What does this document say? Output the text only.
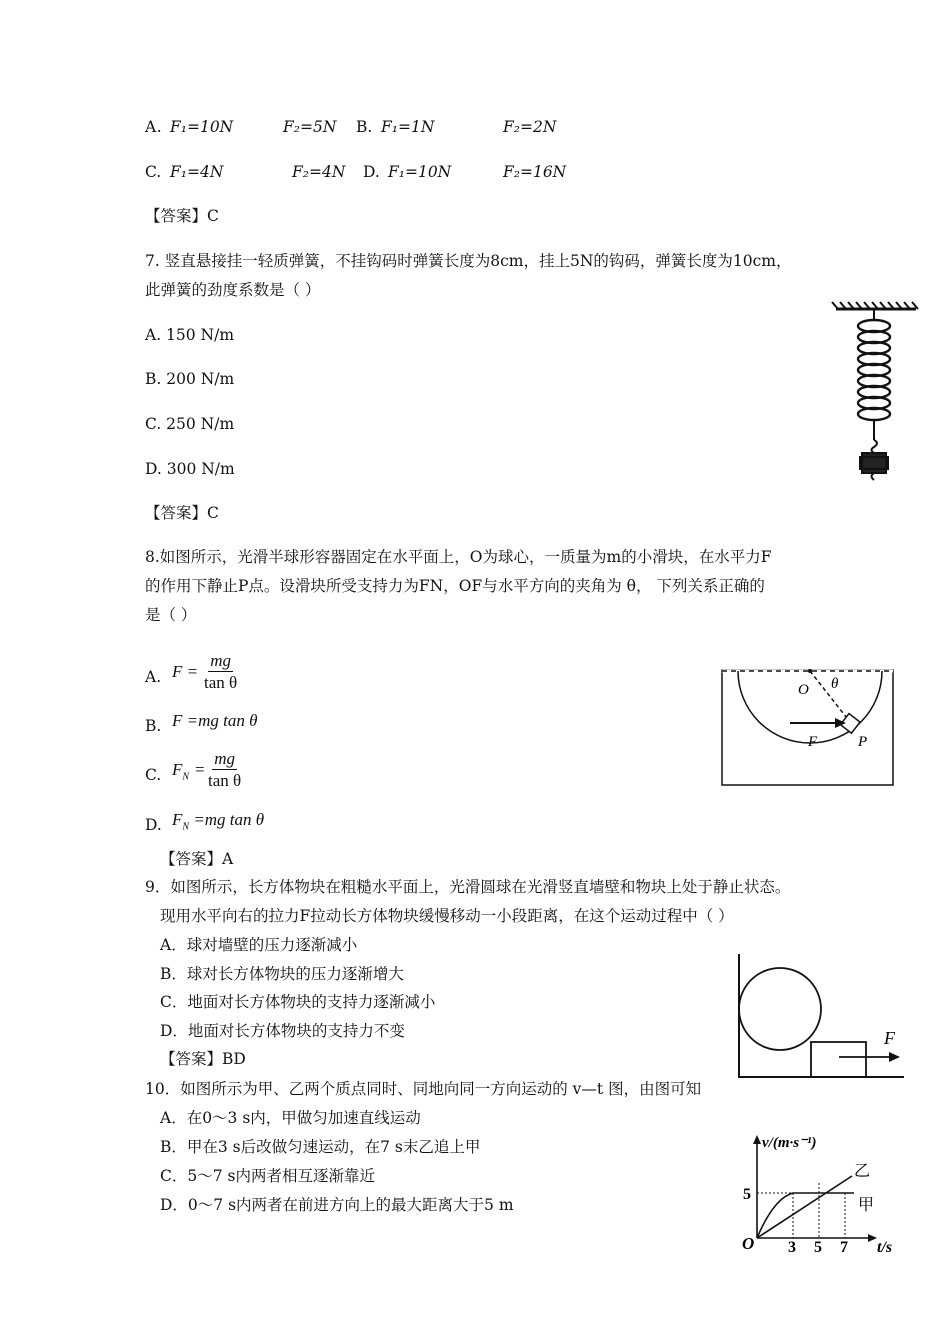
A. F₁=10N	F₂=5N B. F₁=1N	F₂=2N
C. F₁=4N	F₂=4N D. F₁=10N	F₂=16N
【答案】C
7. 竖直悬接挂一轻质弹簧，不挂钩码时弹簧长度为8cm，挂上5N的钩码，弹簧长度为10cm，
此弹簧的劲度系数是（ ）
A. 150 N/m
B. 200 N/m
C. 250 N/m
D. 300 N/m
【答案】C
8.如图所示，光滑半球形容器固定在水平面上，O为球心，一质量为m的小滑块，在水平力F
的作用下静止P点。设滑块所受支持力为FN，OF与水平方向的夹角为 θ， 下列关系正确的
是（ ）
A. $F = \frac{mg}{\text{tan θ}}$
B. F =mg tan θ
C. $F_N = \frac{mg}{\text{tan θ}}$
D. $F_N =mg$ tan θ
【答案】A
O θ
F	P
9．如图所示，长方体物块在粗糙水平面上，光滑圆球在光滑竖直墙壁和物块上处于静止状态。
现用水平向右的拉力F拉动长方体物块缓慢移动一小段距离，在这个运动过程中（ ）
A．球对墙壁的压力逐渐减小
B．球对长方体物块的压力逐渐增大
C．地面对长方体物块的支持力逐渐减小
D．地面对长方体物块的支持力不变
【答案】BD
F
10．如图所示为甲、乙两个质点同时、同地向同一方向运动的 v—t 图，由图可知
A．在0～3 s内，甲做匀加速直线运动
B．甲在3 s后改做匀速运动，在7 s末乙追上甲
C．5～7 s内两者相互逐渐靠近
D．0～7 s内两者在前进方向上的最大距离大于5 m
v/(m·s⁻¹)
O
5
3 5 7 t/s
乙
甲
